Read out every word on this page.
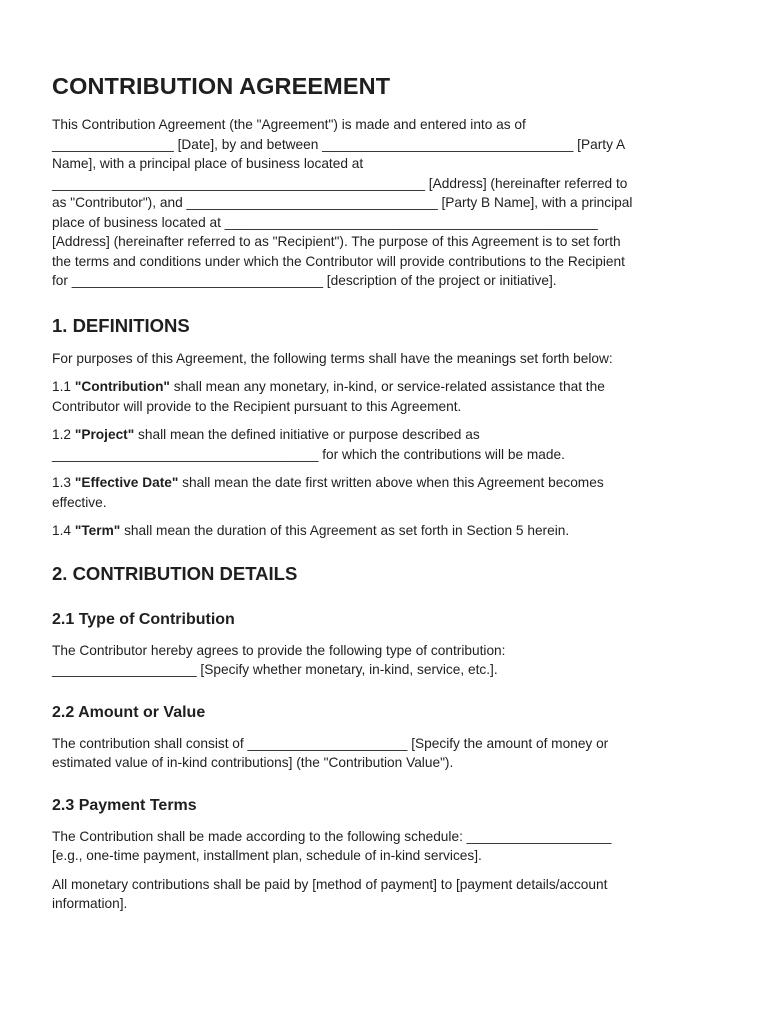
CONTRIBUTION AGREEMENT

This Contribution Agreement (the "Agreement") is made and entered into as of
________________ [Date], by and between _________________________________ [Party A
Name], with a principal place of business located at
_________________________________________________ [Address] (hereinafter referred to
as "Contributor"), and _________________________________ [Party B Name], with a principal
place of business located at _________________________________________________
[Address] (hereinafter referred to as "Recipient"). The purpose of this Agreement is to set forth
the terms and conditions under which the Contributor will provide contributions to the Recipient
for _________________________________ [description of the project or initiative].

1. DEFINITIONS

For purposes of this Agreement, the following terms shall have the meanings set forth below:

1.1 "Contribution" shall mean any monetary, in-kind, or service-related assistance that the
Contributor will provide to the Recipient pursuant to this Agreement.

1.2 "Project" shall mean the defined initiative or purpose described as
___________________________________ for which the contributions will be made.

1.3 "Effective Date" shall mean the date first written above when this Agreement becomes
effective.

1.4 "Term" shall mean the duration of this Agreement as set forth in Section 5 herein.

2. CONTRIBUTION DETAILS
2.1 Type of Contribution

The Contributor hereby agrees to provide the following type of contribution:
___________________ [Specify whether monetary, in-kind, service, etc.].

2.2 Amount or Value

The contribution shall consist of _____________________ [Specify the amount of money or
estimated value of in-kind contributions] (the "Contribution Value").

2.3 Payment Terms

The Contribution shall be made according to the following schedule: ___________________
[e.g., one-time payment, installment plan, schedule of in-kind services].

All monetary contributions shall be paid by [method of payment] to [payment details/account
information].
